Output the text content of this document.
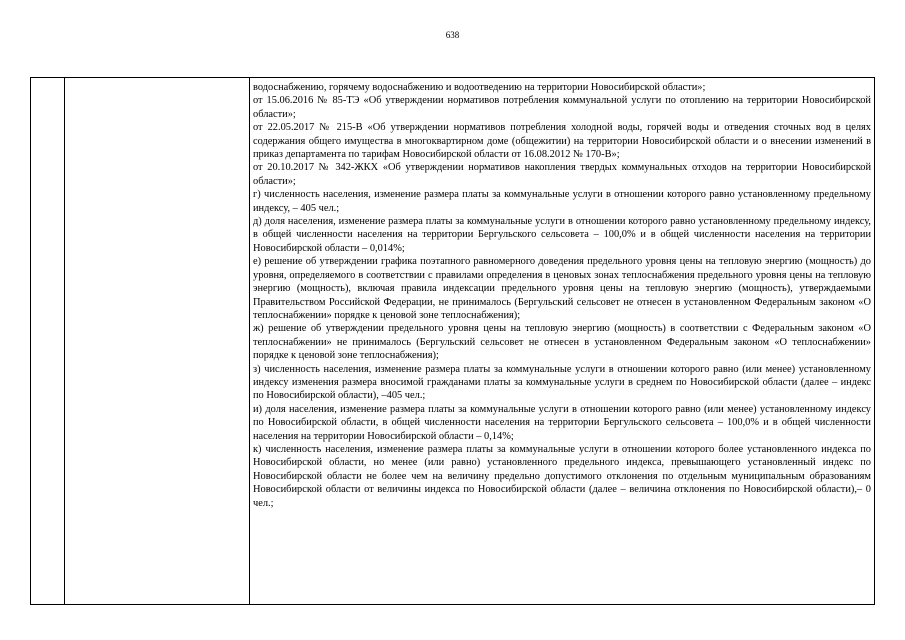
638

водоснабжению, горячему водоснабжению и водоотведению на территории Новосибирской области»;

от 15.06.2016 № 85-ТЭ «Об утверждении нормативов потребления коммунальной услуги по отоплению на территории Новосибирской области»;

от 22.05.2017 № 215-В «Об утверждении нормативов потребления холодной воды, горячей воды и отведения сточных вод в целях содержания общего имущества в многоквартирном доме (общежитии) на территории Новосибирской области и о внесении изменений в приказ департамента по тарифам Новосибирской области от 16.08.2012 № 170-В»;

от 20.10.2017 № 342-ЖКХ «Об утверждении нормативов накопления твердых коммунальных отходов на территории Новосибирской области»;

г) численность населения, изменение размера платы за коммунальные услуги в отношении которого равно установленному предельному индексу, – 405 чел.;

д) доля населения, изменение размера платы за коммунальные услуги в отношении которого равно установленному предельному индексу, в общей численности населения на территории Бергульского сельсовета – 100,0% и в общей численности населения на территории Новосибирской области – 0,014%;

е) решение об утверждении графика поэтапного равномерного доведения предельного уровня цены на тепловую энергию (мощность) до уровня, определяемого в соответствии с правилами определения в ценовых зонах теплоснабжения предельного уровня цены на тепловую энергию (мощность), включая правила индексации предельного уровня цены на тепловую энергию (мощность), утверждаемыми Правительством Российской Федерации, не принималось (Бергульский сельсовет не отнесен в установленном Федеральным законом «О теплоснабжении» порядке к ценовой зоне теплоснабжения);

ж) решение об утверждении предельного уровня цены на тепловую энергию (мощность) в соответствии с Федеральным законом «О теплоснабжении» не принималось (Бергульский сельсовет не отнесен в установленном Федеральным законом «О теплоснабжении» порядке к ценовой зоне теплоснабжения);

з) численность населения, изменение размера платы за коммунальные услуги в отношении которого равно (или менее) установленному индексу изменения размера вносимой гражданами платы за коммунальные услуги в среднем по Новосибирской области (далее – индекс по Новосибирской области), –405 чел.;

и) доля населения, изменение размера платы за коммунальные услуги в отношении которого равно (или менее) установленному индексу по Новосибирской области, в общей численности населения на территории Бергульского сельсовета – 100,0% и в общей численности населения на территории Новосибирской области – 0,14%;

к) численность населения, изменение размера платы за коммунальные услуги в отношении которого более установленного индекса по Новосибирской области, но менее (или равно) установленного предельного индекса, превышающего установленный индекс по Новосибирской области не более чем на величину предельно допустимого отклонения по отдельным муниципальным образованиям Новосибирской области от величины индекса по Новосибирской области (далее – величина отклонения по Новосибирской области),– 0 чел.;
